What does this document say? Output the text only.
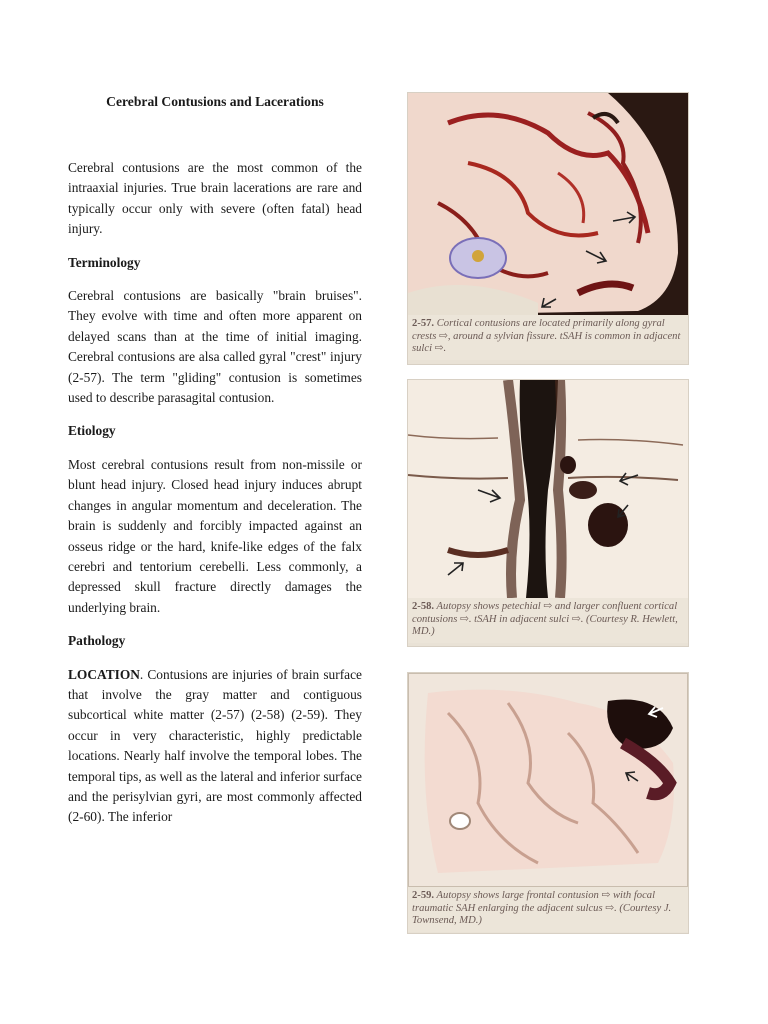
Cerebral Contusions and Lacerations

Cerebral contusions are the most common of the intraaxial injuries. True brain lacerations are rare and typically occur only with severe (often fatal) head injury.

Terminology

Cerebral contusions are basically "brain bruises". They evolve with time and often more apparent on delayed scans than at the time of initial imaging. Cerebral contusions are alsa called gyral "crest" injury (2-57). The term "gliding" contusion is sometimes used to describe parasagital contusion.

Etiology

Most cerebral contusions result from non-missile or blunt head injury. Closed head injury induces abrupt changes in angular momentum and deceleration. The brain is suddenly and forcibly impacted against an osseus ridge or the hard, knife-like edges of the falx cerebri and tentorium cerebelli. Less commonly, a depressed skull fracture directly damages the underlying brain.

Pathology

LOCATION. Contusions are injuries of brain surface that involve the gray matter and contiguous subcortical white matter (2-57) (2-58) (2-59). They occur in very characteristic, highly predictable locations. Nearly half involve the temporal lobes. The temporal tips, as well as the lateral and inferior surface and the perisylvian gyri, are most commonly affected (2-60). The inferior

2-57. Cortical contusions are located primarily along gyral crests ⇨, around a sylvian fissure. tSAH is common in adjacent sulci ⇨.
2-58. Autopsy shows petechial ⇨ and larger confluent cortical contusions ⇨. tSAH in adjacent sulci ⇨. (Courtesy R. Hewlett, MD.)
2-59. Autopsy shows large frontal contusion ⇨ with focal traumatic SAH enlarging the adjacent sulcus ⇨. (Courtesy J. Townsend, MD.)
